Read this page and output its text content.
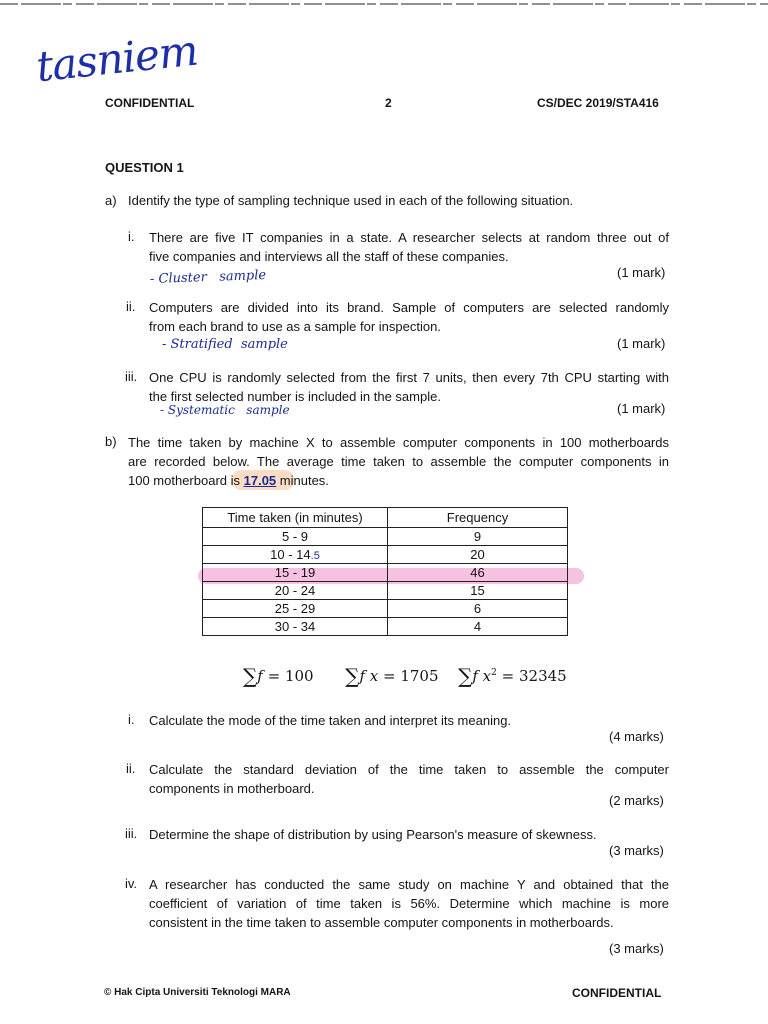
tasniem
CONFIDENTIAL	2	CS/DEC 2019/STA416
QUESTION 1
a) Identify the type of sampling technique used in each of the following situation.
i. There are five IT companies in a state. A researcher selects at random three out of
five companies and interviews all the staff of these companies.
(1 mark)
- Cluster   sample
ii. Computers are divided into its brand. Sample of computers are selected randomly
from each brand to use as a sample for inspection.
(1 mark)
- Stratified  sample
iii. One CPU is randomly selected from the first 7 units, then every 7th CPU starting with
the first selected number is included in the sample.
(1 mark)
- Systematic   sample
b) The time taken by machine X to assemble computer components in 100 motherboards
are recorded below. The average time taken to assemble the computer components in
100 motherboard is 17.05 minutes.
Time taken (in minutes)	Frequency
5 - 9	9
10 - 14.5	20
15 - 19	46
20 - 24	15
25 - 29	6
30 - 34	4
∑f = 100 ∑f x = 1705 ∑f $x^2 = 32345$
i. Calculate the mode of the time taken and interpret its meaning.
(4 marks)
ii. Calculate the standard deviation of the time taken to assemble the computer
components in motherboard.
(2 marks)
iii. Determine the shape of distribution by using Pearson's measure of skewness.
(3 marks)
iv. A researcher has conducted the same study on machine Y and obtained that the
coefficient of variation of time taken is 56%. Determine which machine is more
consistent in the time taken to assemble computer components in motherboards.
(3 marks)
© Hak Cipta Universiti Teknologi MARA	CONFIDENTIAL
